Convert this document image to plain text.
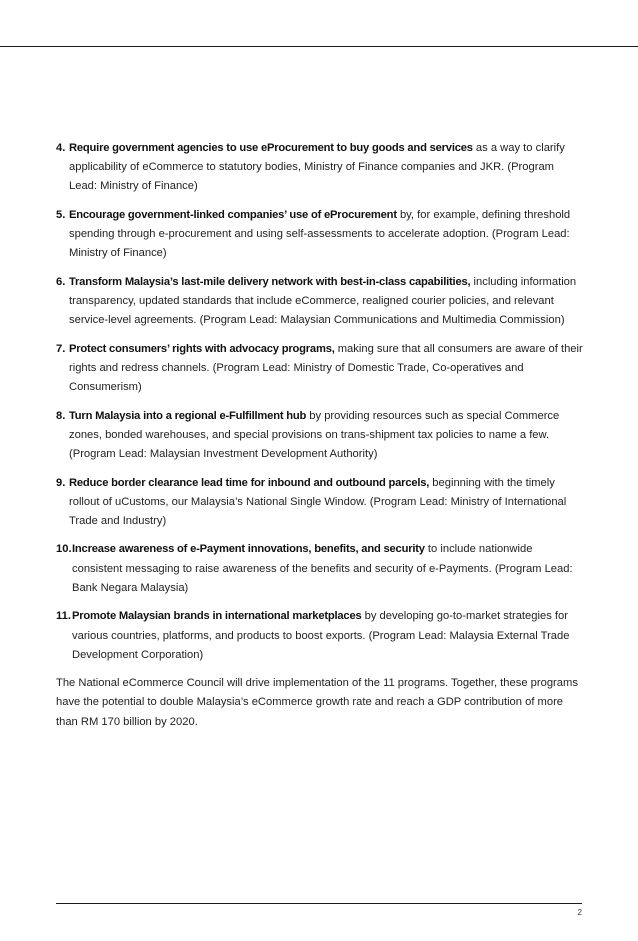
4. Require government agencies to use eProcurement to buy goods and services as a way to clarify applicability of eCommerce to statutory bodies, Ministry of Finance companies and JKR. (Program Lead: Ministry of Finance)
5. Encourage government-linked companies’ use of eProcurement by, for example, defining threshold spending through e-procurement and using self-assessments to accelerate adoption. (Program Lead: Ministry of Finance)
6. Transform Malaysia’s last-mile delivery network with best-in-class capabilities, including information transparency, updated standards that include eCommerce, realigned courier policies, and relevant service-level agreements. (Program Lead: Malaysian Communications and Multimedia Commission)
7. Protect consumers’ rights with advocacy programs, making sure that all consumers are aware of their rights and redress channels. (Program Lead: Ministry of Domestic Trade, Co-operatives and Consumerism)
8. Turn Malaysia into a regional e-Fulfillment hub by providing resources such as special Commerce zones, bonded warehouses, and special provisions on trans-shipment tax policies to name a few. (Program Lead: Malaysian Investment Development Authority)
9. Reduce border clearance lead time for inbound and outbound parcels, beginning with the timely rollout of uCustoms, our Malaysia’s National Single Window. (Program Lead: Ministry of International Trade and Industry)
10. Increase awareness of e-Payment innovations, benefits, and security to include nationwide consistent messaging to raise awareness of the benefits and security of e-Payments. (Program Lead: Bank Negara Malaysia)
11. Promote Malaysian brands in international marketplaces by developing go-to-market strategies for various countries, platforms, and products to boost exports. (Program Lead: Malaysia External Trade Development Corporation)

The National eCommerce Council will drive implementation of the 11 programs. Together, these programs have the potential to double Malaysia’s eCommerce growth rate and reach a GDP contribution of more than RM 170 billion by 2020.

2
